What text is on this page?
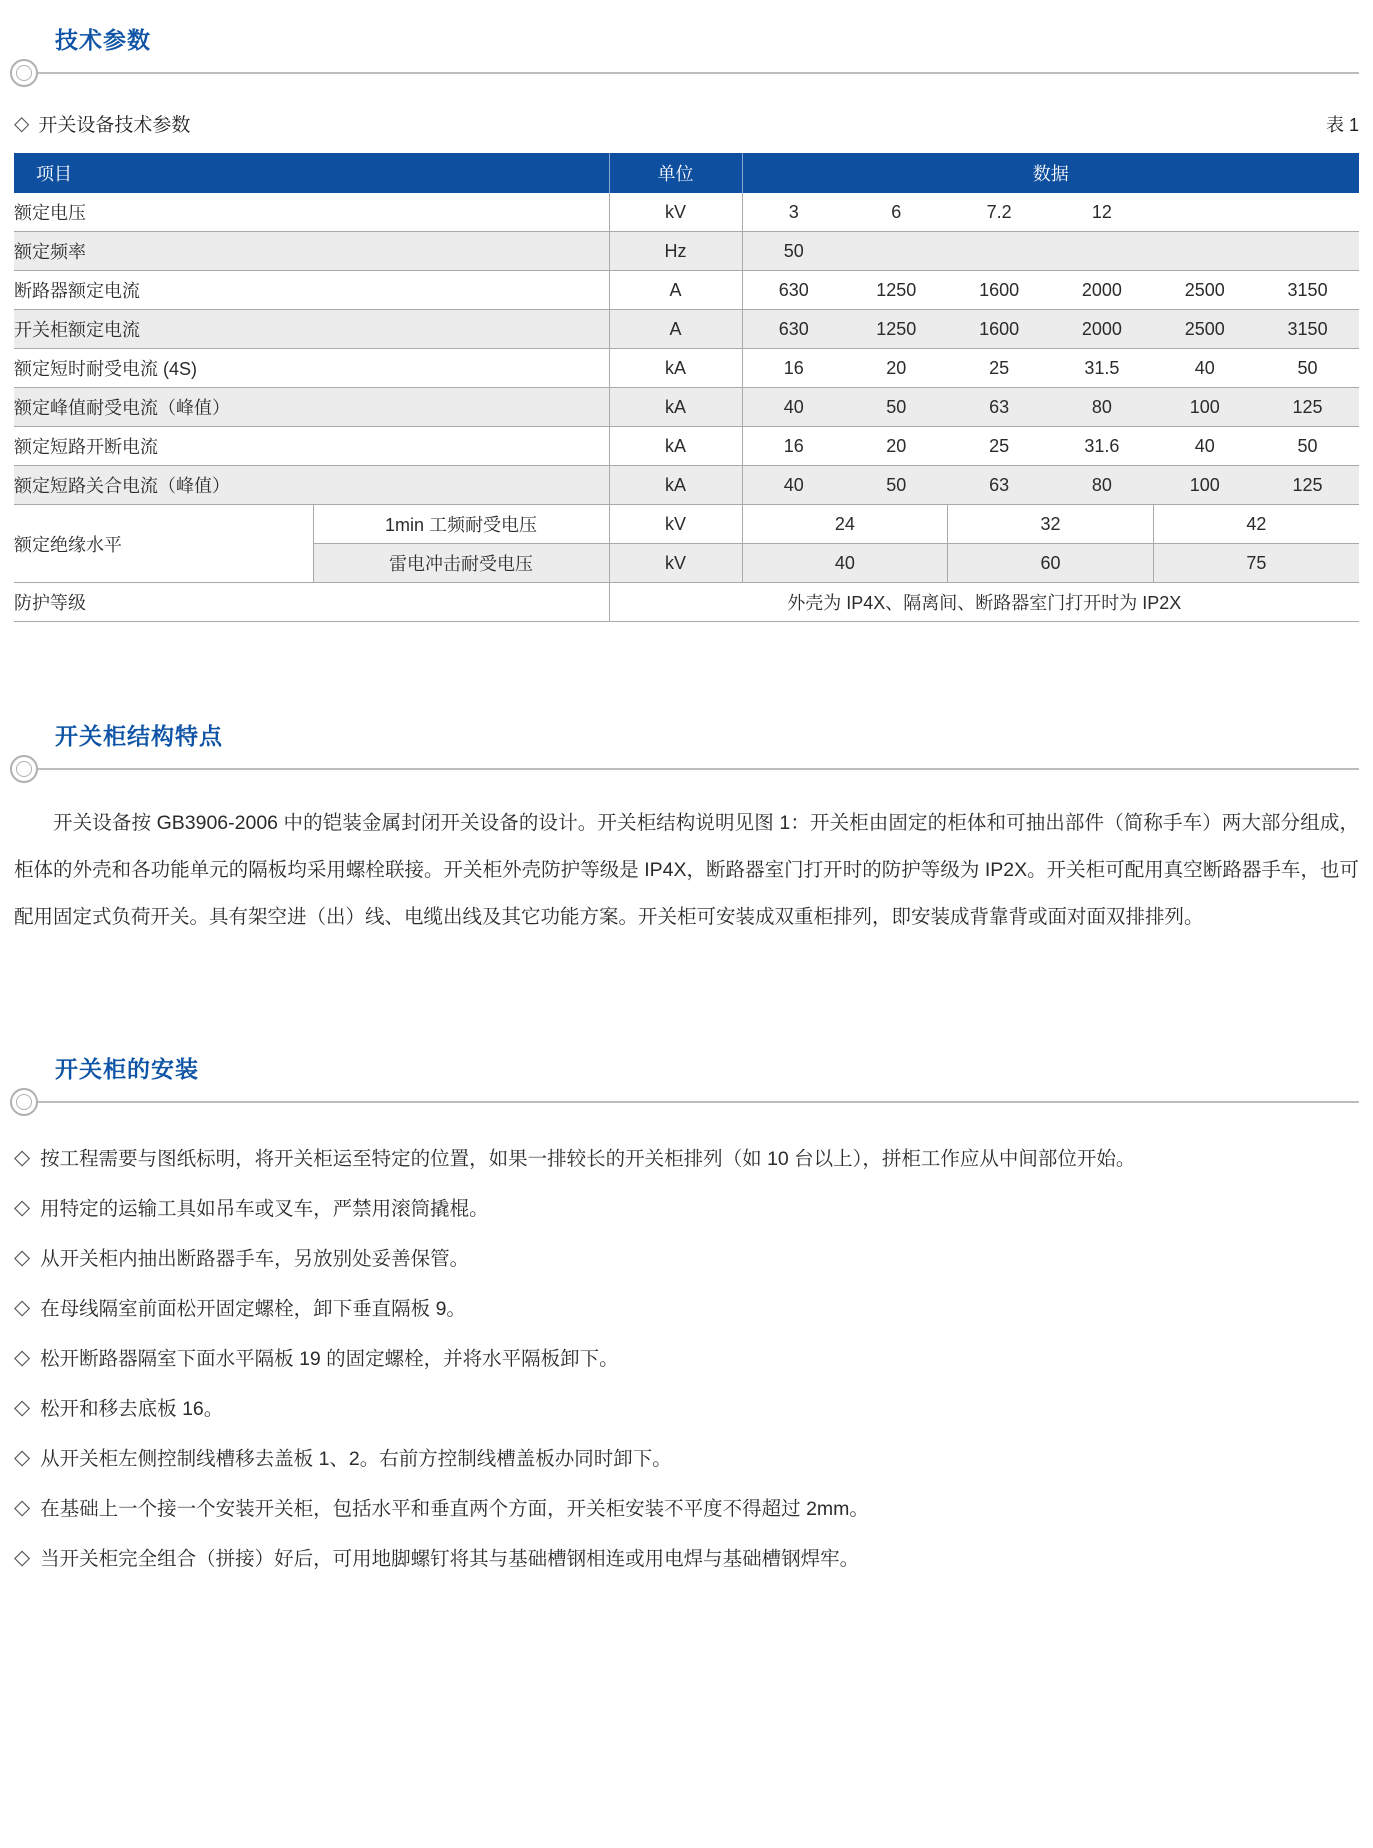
技术参数
◇ 开关设备技术参数	表 1
项目		单位	数据					
额定电压		kV	3	6	7.2	12		
额定频率		Hz	50					
断路器额定电流		A	630	1250	1600	2000	2500	3150
开关柜额定电流		A	630	1250	1600	2000	2500	3150
额定短时耐受电流 (4S)		kA	16	20	25	31.5	40	50
额定峰值耐受电流（峰值）		kA	40	50	63	80	100	125
额定短路开断电流		kA	16	20	25	31.6	40	50
额定短路关合电流（峰值）		kA	40	50	63	80	100	125
额定绝缘水平	1min 工频耐受电压	kV	24		32		42	
	雷电冲击耐受电压	kV	40		60		75	
防护等级		外壳为 IP4X、隔离间、断路器室门打开时为 IP2X						
开关柜结构特点

开关设备按 GB3906-2006 中的铠装金属封闭开关设备的设计。开关柜结构说明见图 1：开关柜由固定的柜体和可抽出部件（简称手车）两大部分组成，柜体的外壳和各功能单元的隔板均采用螺栓联接。开关柜外壳防护等级是 IP4X，断路器室门打开时的防护等级为 IP2X。开关柜可配用真空断路器手车，也可配用固定式负荷开关。具有架空进（出）线、电缆出线及其它功能方案。开关柜可安装成双重柜排列，即安装成背靠背或面对面双排排列。

开关柜的安装
◇ 按工程需要与图纸标明，将开关柜运至特定的位置，如果一排较长的开关柜排列（如 10 台以上），拼柜工作应从中间部位开始。
◇ 用特定的运输工具如吊车或叉车，严禁用滚筒撬棍。
◇ 从开关柜内抽出断路器手车，另放别处妥善保管。
◇ 在母线隔室前面松开固定螺栓，卸下垂直隔板 9。
◇ 松开断路器隔室下面水平隔板 19 的固定螺栓，并将水平隔板卸下。
◇ 松开和移去底板 16。
◇ 从开关柜左侧控制线槽移去盖板 1、2。右前方控制线槽盖板办同时卸下。
◇ 在基础上一个接一个安装开关柜，包括水平和垂直两个方面，开关柜安装不平度不得超过 2mm。
◇ 当开关柜完全组合（拼接）好后，可用地脚螺钉将其与基础槽钢相连或用电焊与基础槽钢焊牢。
